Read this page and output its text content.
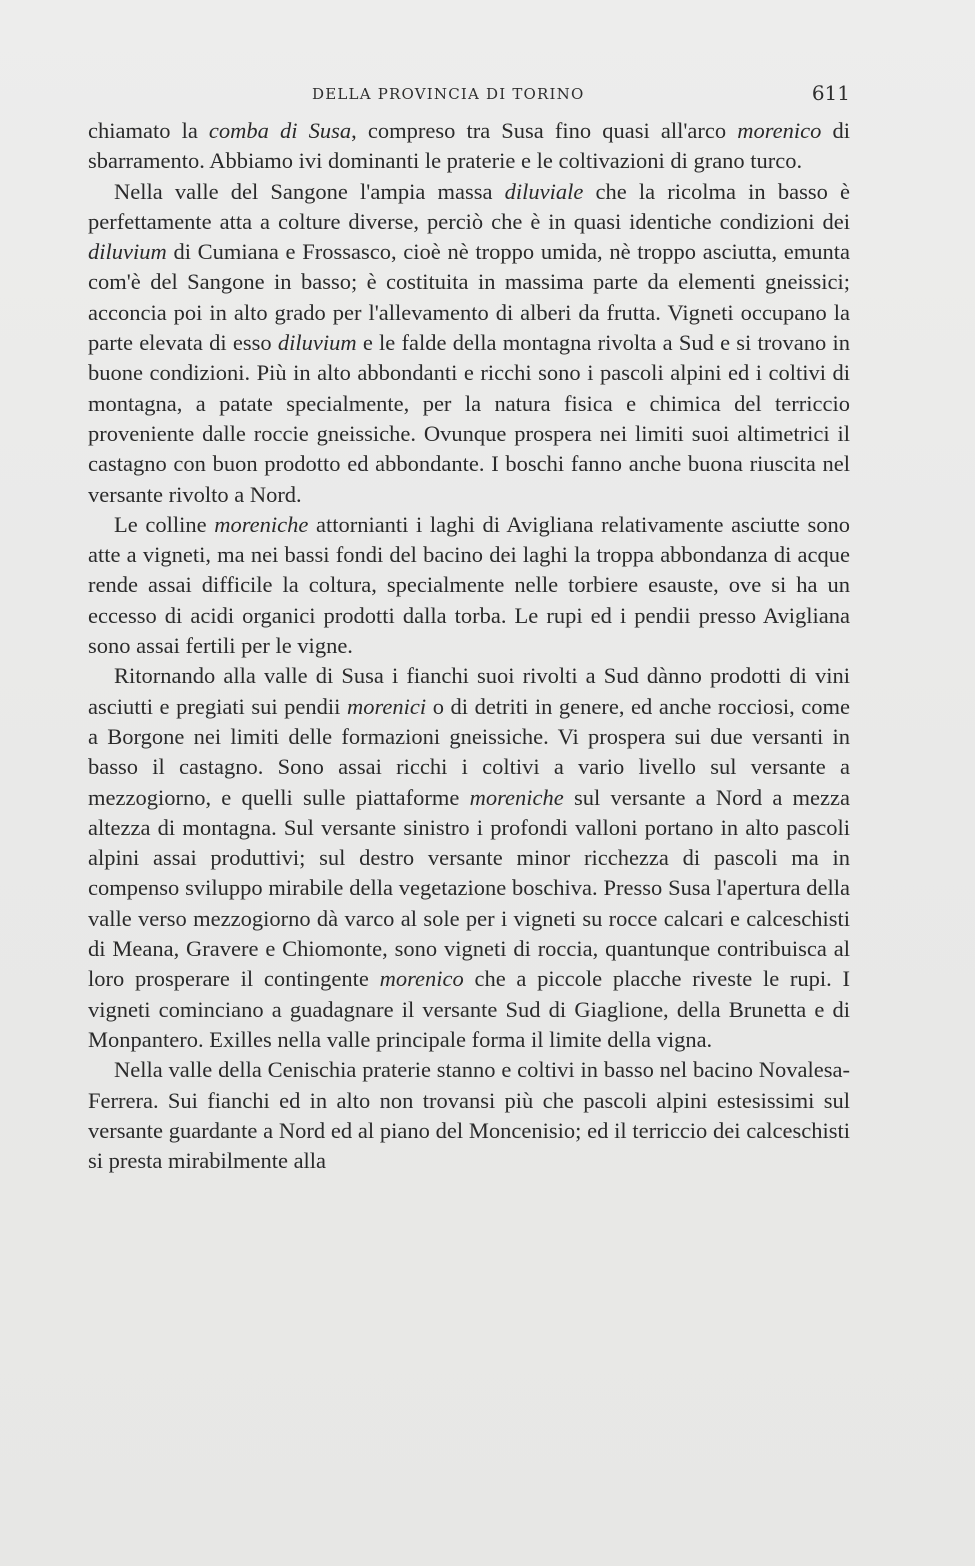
DELLA PROVINCIA DI TORINO	611

chiamato la comba di Susa, compreso tra Susa fino quasi all'arco morenico di sbarramento. Abbiamo ivi dominanti le praterie e le coltivazioni di grano turco.

Nella valle del Sangone l'ampia massa diluviale che la ricolma in basso è perfettamente atta a colture diverse, perciò che è in quasi identiche condizioni dei diluvium di Cumiana e Frossasco, cioè nè troppo umida, nè troppo asciutta, emunta com'è del Sangone in basso; è costituita in massima parte da elementi gneissici; acconcia poi in alto grado per l'allevamento di alberi da frutta. Vigneti occupano la parte elevata di esso diluvium e le falde della montagna rivolta a Sud e si trovano in buone condizioni. Più in alto abbondanti e ricchi sono i pascoli alpini ed i coltivi di montagna, a patate specialmente, per la natura fisica e chimica del terriccio proveniente dalle roccie gneissiche. Ovunque prospera nei limiti suoi altimetrici il castagno con buon prodotto ed abbondante. I boschi fanno anche buona riuscita nel versante rivolto a Nord.

Le colline moreniche attornianti i laghi di Avigliana relativamente asciutte sono atte a vigneti, ma nei bassi fondi del bacino dei laghi la troppa abbondanza di acque rende assai difficile la coltura, specialmente nelle torbiere esauste, ove si ha un eccesso di acidi organici prodotti dalla torba. Le rupi ed i pendii presso Avigliana sono assai fertili per le vigne.

Ritornando alla valle di Susa i fianchi suoi rivolti a Sud dànno prodotti di vini asciutti e pregiati sui pendii morenici o di detriti in genere, ed anche rocciosi, come a Borgone nei limiti delle formazioni gneissiche. Vi prospera sui due versanti in basso il castagno. Sono assai ricchi i coltivi a vario livello sul versante a mezzogiorno, e quelli sulle piattaforme moreniche sul versante a Nord a mezza altezza di montagna. Sul versante sinistro i profondi valloni portano in alto pascoli alpini assai produttivi; sul destro versante minor ricchezza di pascoli ma in compenso sviluppo mirabile della vegetazione boschiva. Presso Susa l'apertura della valle verso mezzogiorno dà varco al sole per i vigneti su rocce calcari e calceschisti di Meana, Gravere e Chiomonte, sono vigneti di roccia, quantunque contribuisca al loro prosperare il contingente morenico che a piccole placche riveste le rupi. I vigneti cominciano a guadagnare il versante Sud di Giaglione, della Brunetta e di Monpantero. Exilles nella valle principale forma il limite della vigna.

Nella valle della Cenischia praterie stanno e coltivi in basso nel bacino Novalesa-Ferrera. Sui fianchi ed in alto non trovansi più che pascoli alpini estesissimi sul versante guardante a Nord ed al piano del Moncenisio; ed il terriccio dei calceschisti si presta mirabilmente alla
